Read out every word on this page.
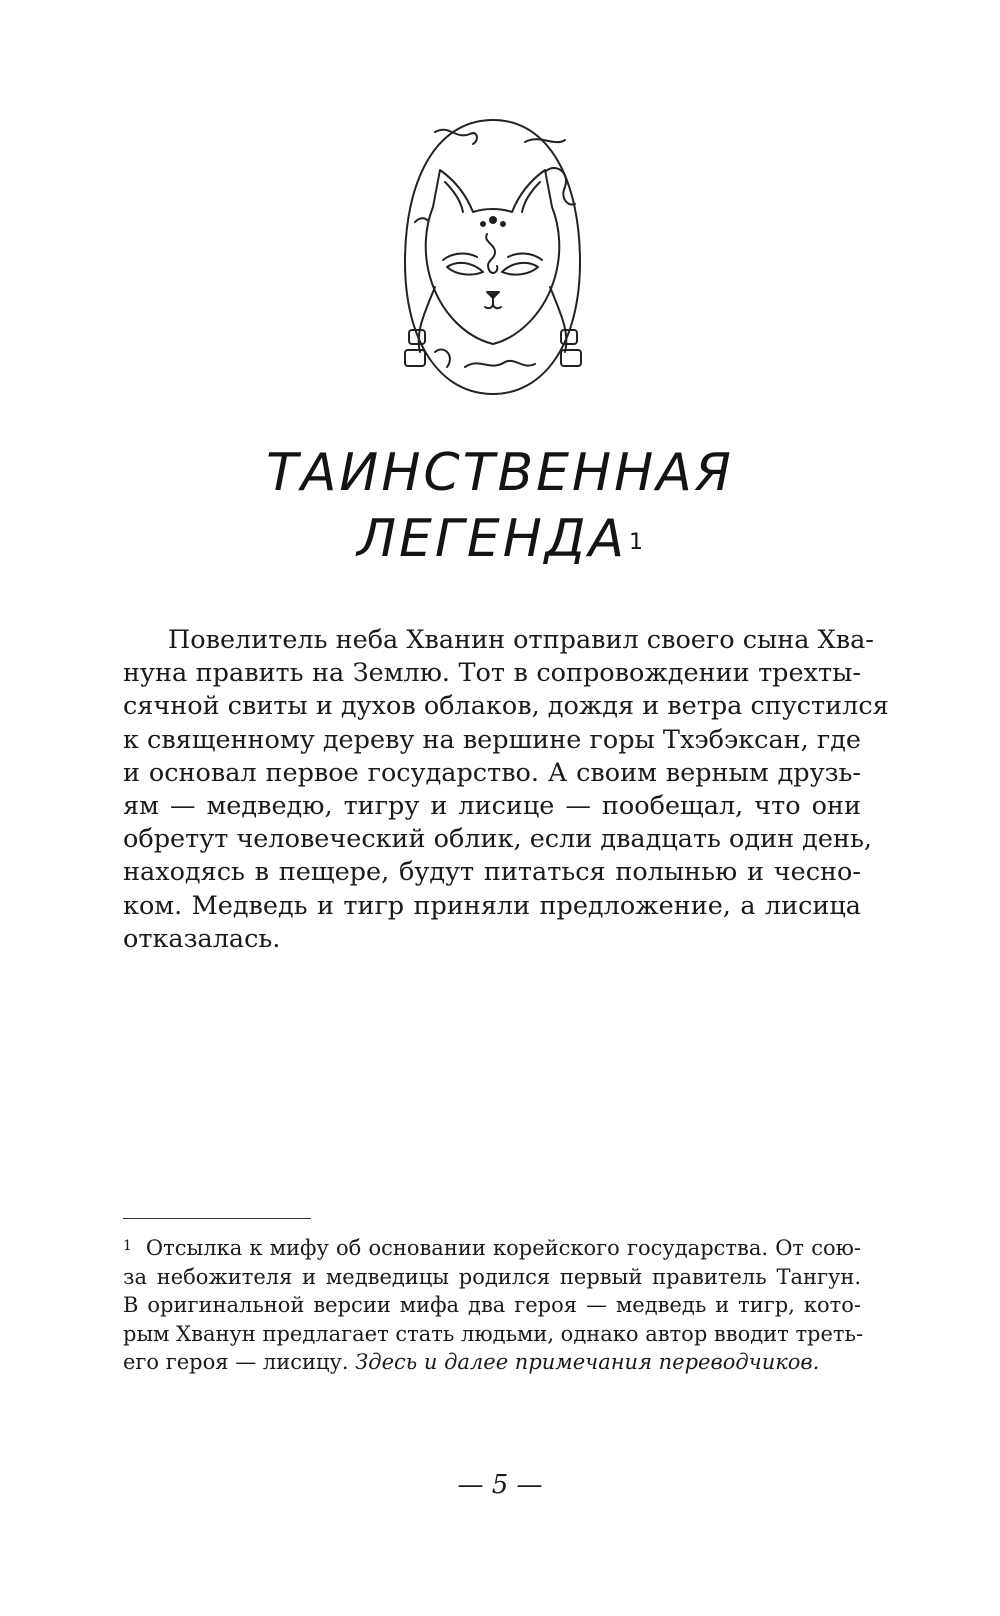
ТАИНСТВЕННАЯ
ЛЕГЕНДА$^1$
Повелитель неба Хванин отправил своего сына Хва-
нуна править на Землю. Тот в сопровождении трехты-
сячной свиты и духов облаков, дождя и ветра спустился
к священному дереву на вершине горы Тхэбэксан, где
и основал первое государство. А своим верным друзь-
ям — медведю, тигру и лисице — пообещал, что они
обретут человеческий облик, если двадцать один день,
находясь в пещере, будут питаться полынью и чесно-
ком. Медведь и тигр приняли предложение, а лисица
отказалась.
$^1$ Отсылка к мифу об основании корейского государства. От сою-
за небожителя и медведицы родился первый правитель Тангун.
В оригинальной версии мифа два героя — медведь и тигр, кото-
рым Хванун предлагает стать людьми, однако автор вводит треть-
его героя — лисицу. Здесь и далее примечания переводчиков.
— 5 —
